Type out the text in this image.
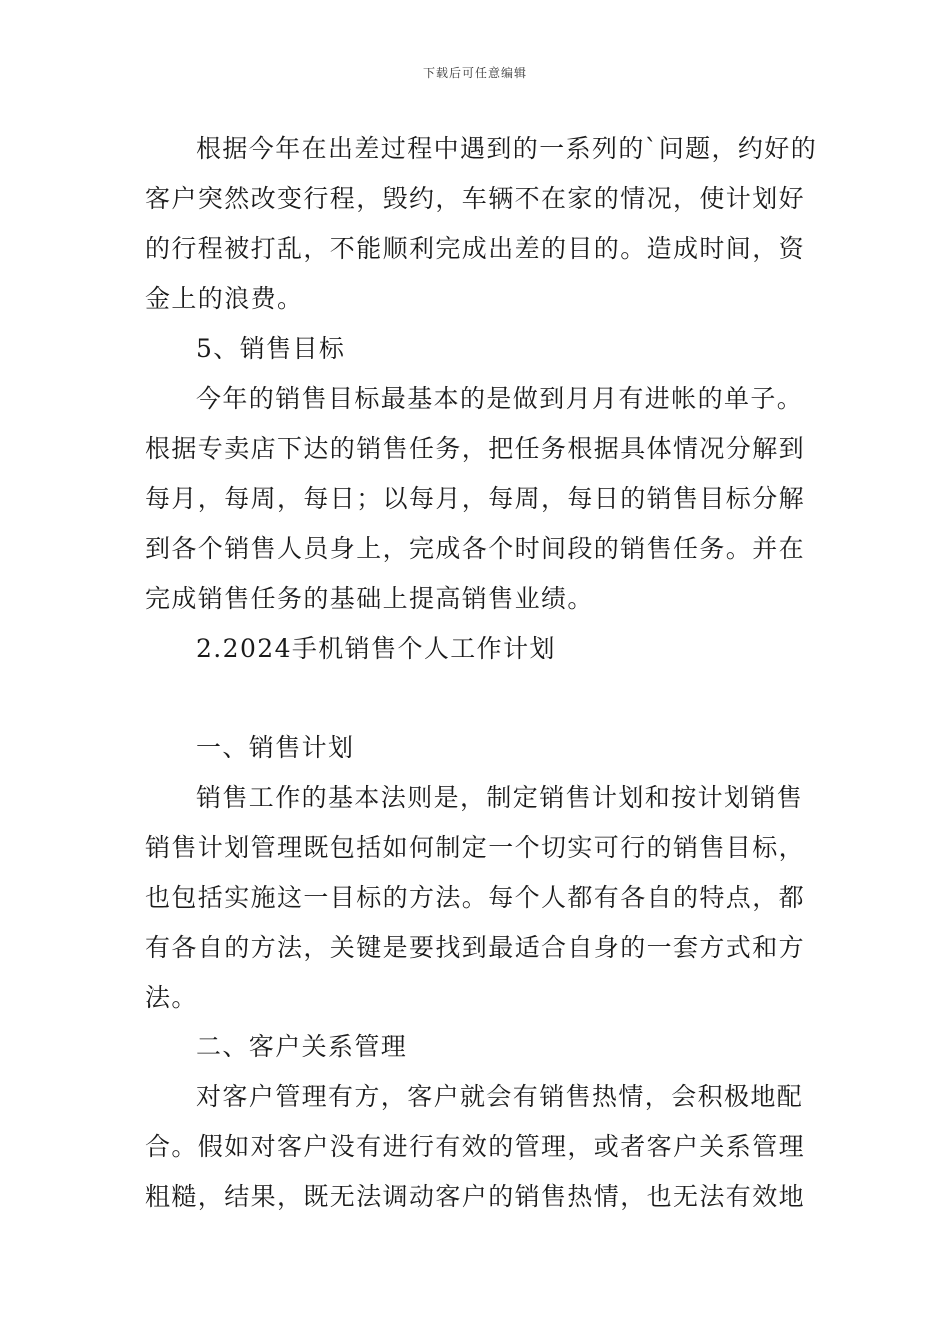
下载后可任意编辑
根据今年在出差过程中遇到的一系列的`问题，约好的
客户突然改变行程，毁约，车辆不在家的情况，使计划好
的行程被打乱，不能顺利完成出差的目的。造成时间，资
金上的浪费。
5、销售目标
今年的销售目标最基本的是做到月月有进帐的单子。
根据专卖店下达的销售任务，把任务根据具体情况分解到
每月，每周，每日；以每月，每周，每日的销售目标分解
到各个销售人员身上，完成各个时间段的销售任务。并在
完成销售任务的基础上提高销售业绩。
2.2024手机销售个人工作计划
一、销售计划
销售工作的基本法则是，制定销售计划和按计划销售
销售计划管理既包括如何制定一个切实可行的销售目标，
也包括实施这一目标的方法。每个人都有各自的特点，都
有各自的方法，关键是要找到最适合自身的一套方式和方
法。
二、客户关系管理
对客户管理有方，客户就会有销售热情，会积极地配
合。假如对客户没有进行有效的管理，或者客户关系管理
粗糙，结果，既无法调动客户的销售热情，也无法有效地
